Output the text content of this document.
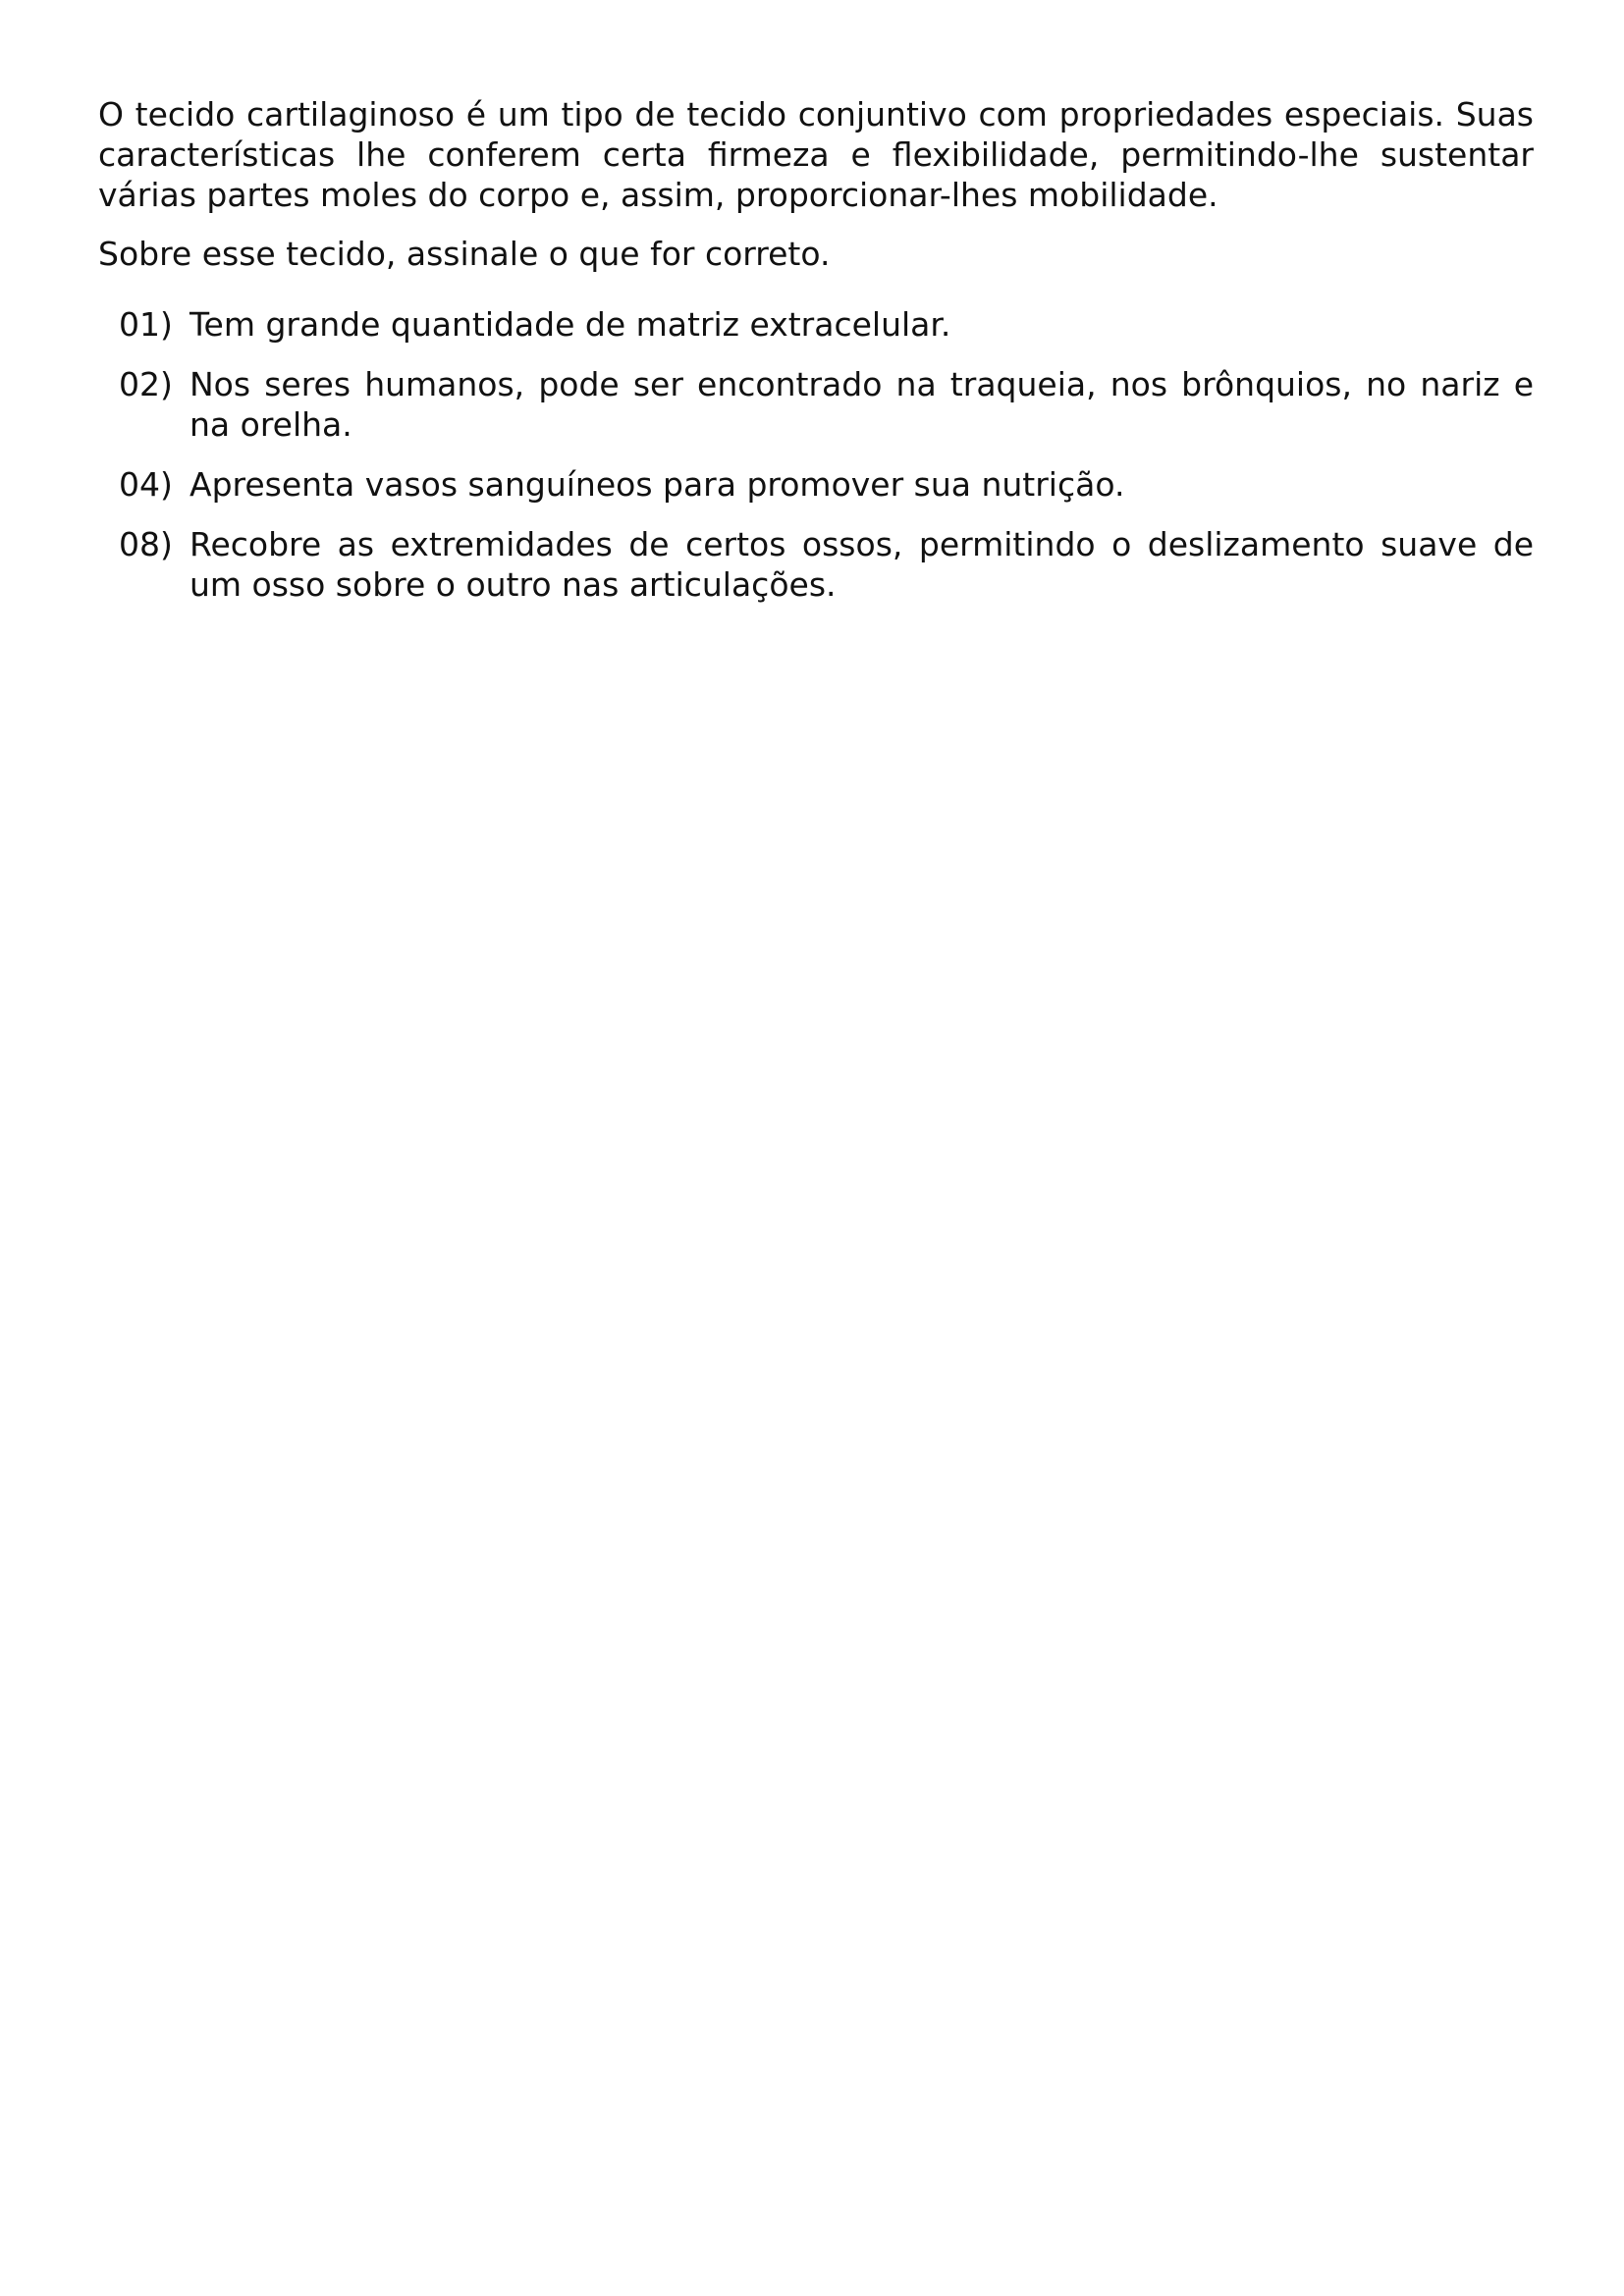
O tecido cartilaginoso é um tipo de tecido conjuntivo com propriedades especiais. Suas características lhe conferem certa firmeza e flexibilidade, permitindo-lhe sustentar várias partes moles do corpo e, assim, proporcionar-lhes mobilidade.

Sobre esse tecido, assinale o que for correto.

01) Tem grande quantidade de matriz extracelular.
02) Nos seres humanos, pode ser encontrado na traqueia, nos brônquios, no nariz e na orelha.
04) Apresenta vasos sanguíneos para promover sua nutrição.
08) Recobre as extremidades de certos ossos, permitindo o deslizamento suave de um osso sobre o outro nas articulações.
